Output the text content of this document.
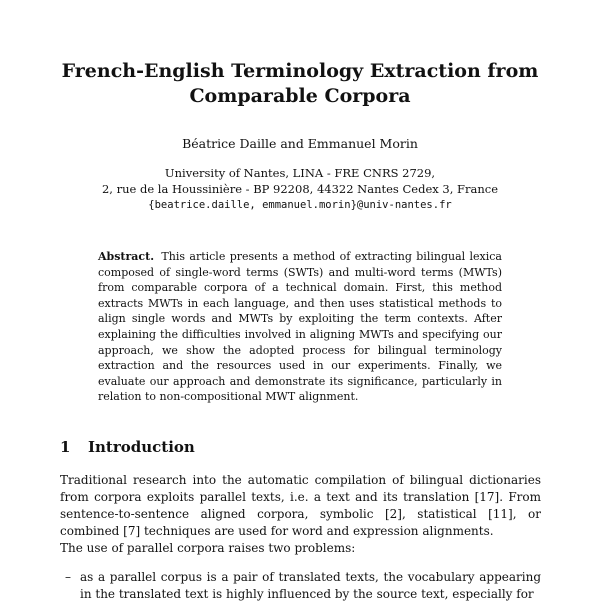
French-English Terminology Extraction from
Comparable Corpora
Béatrice Daille and Emmanuel Morin
University of Nantes, LINA - FRE CNRS 2729,
2, rue de la Houssinière - BP 92208, 44322 Nantes Cedex 3, France
{beatrice.daille, emmanuel.morin}@univ-nantes.fr
Abstract. This article presents a method of extracting bilingual lexica composed of single-word terms (SWTs) and multi-word terms (MWTs) from comparable corpora of a technical domain. First, this method extracts MWTs in each language, and then uses statistical methods to align single words and MWTs by exploiting the term contexts. After explaining the difficulties involved in aligning MWTs and specifying our approach, we show the adopted process for bilingual terminology extraction and the resources used in our experiments. Finally, we evaluate our approach and demonstrate its significance, particularly in relation to non-compositional MWT alignment.
1 Introduction

Traditional research into the automatic compilation of bilingual dictionaries from corpora exploits parallel texts, i.e. a text and its translation [17]. From sentence-to-sentence aligned corpora, symbolic [2], statistical [11], or combined [7] techniques are used for word and expression alignments.

The use of parallel corpora raises two problems:

– as a parallel corpus is a pair of translated texts, the vocabulary appearing in the translated text is highly influenced by the source text, especially for
